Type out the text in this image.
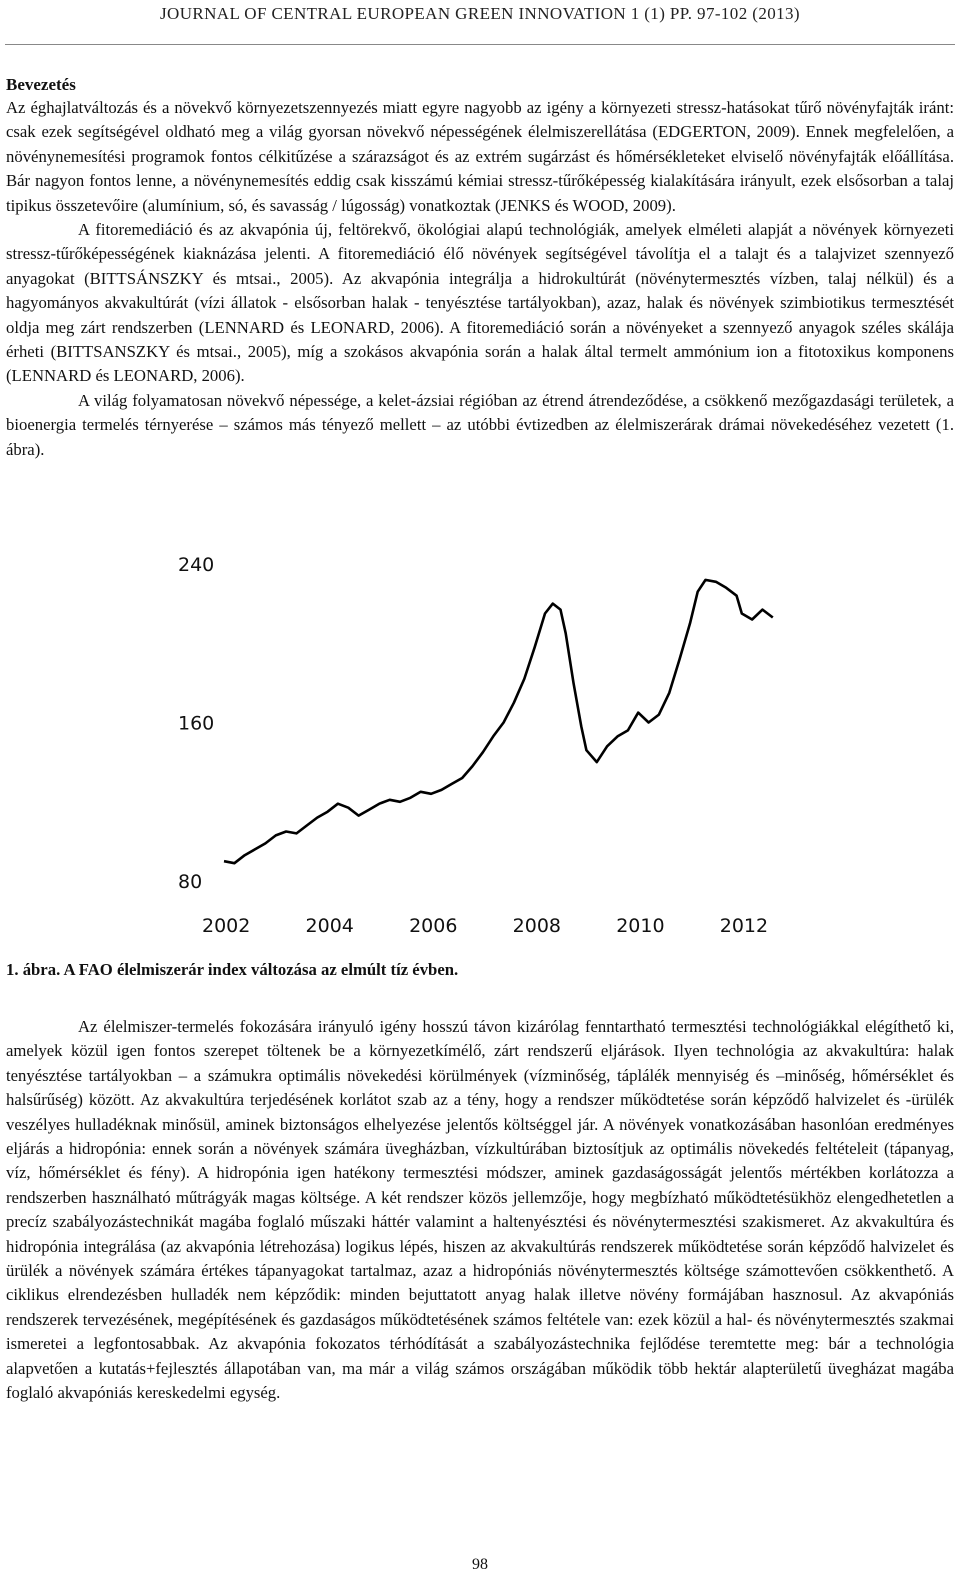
JOURNAL OF CENTRAL EUROPEAN GREEN INNOVATION 1 (1) PP. 97-102 (2013)
Bevezetés

Az éghajlatváltozás és a növekvő környezetszennyezés miatt egyre nagyobb az igény a környezeti stressz-hatásokat tűrő növényfajták iránt: csak ezek segítségével oldható meg a világ gyorsan növekvő népességének élelmiszerellátása (EDGERTON, 2009). Ennek megfelelően, a növénynemesítési programok fontos célkitűzése a szárazságot és az extrém sugárzást és hőmérsékleteket elviselő növényfajták előállítása. Bár nagyon fontos lenne, a növénynemesítés eddig csak kisszámú kémiai stressz-tűrőképesség kialakítására irányult, ezek elsősorban a talaj tipikus összetevőire (alumínium, só, és savasság / lúgosság) vonatkoztak (JENKS és WOOD, 2009).

A fitoremediáció és az akvapónia új, feltörekvő, ökológiai alapú technológiák, amelyek elméleti alapját a növények környezeti stressz-tűrőképességének kiaknázása jelenti. A fitoremediáció élő növények segítségével távolítja el a talajt és a talajvizet szennyező anyagokat (BITTSÁNSZKY és mtsai., 2005). Az akvapónia integrálja a hidrokultúrát (növénytermesztés vízben, talaj nélkül) és a hagyományos akvakultúrát (vízi állatok - elsősorban halak - tenyésztése tartályokban), azaz, halak és növények szimbiotikus termesztését oldja meg zárt rendszerben (LENNARD és LEONARD, 2006). A fitoremediáció során a növényeket a szennyező anyagok széles skálája érheti (BITTSANSZKY és mtsai., 2005), míg a szokásos akvapónia során a halak által termelt ammónium ion a fitotoxikus komponens (LENNARD és LEONARD, 2006).

A világ folyamatosan növekvő népessége, a kelet-ázsiai régióban az étrend átrendeződése, a csökkenő mezőgazdasági területek, a bioenergia termelés térnyerése – számos más tényező mellett – az utóbbi évtizedben az élelmiszerárak drámai növekedéséhez vezetett (1. ábra).

240
160
80
2002	2004	2006	2008	2010	2012
1. ábra. A FAO élelmiszerár index változása az elmúlt tíz évben.

Az élelmiszer-termelés fokozására irányuló igény hosszú távon kizárólag fenntartható termesztési technológiákkal elégíthető ki, amelyek közül igen fontos szerepet töltenek be a környezetkímélő, zárt rendszerű eljárások. Ilyen technológia az akvakultúra: halak tenyésztése tartályokban – a számukra optimális növekedési körülmények (vízminőség, táplálék mennyiség és –minőség, hőmérséklet és halsűrűség) között. Az akvakultúra terjedésének korlátot szab az a tény, hogy a rendszer működtetése során képződő halvizelet és -ürülék veszélyes hulladéknak minősül, aminek biztonságos elhelyezése jelentős költséggel jár. A növények vonatkozásában hasonlóan eredményes eljárás a hidropónia: ennek során a növények számára üvegházban, vízkultúrában biztosítjuk az optimális növekedés feltételeit (tápanyag, víz, hőmérséklet és fény). A hidropónia igen hatékony termesztési módszer, aminek gazdaságosságát jelentős mértékben korlátozza a rendszerben használható műtrágyák magas költsége. A két rendszer közös jellemzője, hogy megbízható működtetésükhöz elengedhetetlen a precíz szabályozástechnikát magába foglaló műszaki háttér valamint a haltenyésztési és növénytermesztési szakismeret. Az akvakultúra és hidropónia integrálása (az akvapónia létrehozása) logikus lépés, hiszen az akvakultúrás rendszerek működtetése során képződő halvizelet és ürülék a növények számára értékes tápanyagokat tartalmaz, azaz a hidropóniás növénytermesztés költsége számottevően csökkenthető. A ciklikus elrendezésben hulladék nem képződik: minden bejuttatott anyag halak illetve növény formájában hasznosul. Az akvapóniás rendszerek tervezésének, megépítésének és gazdaságos működtetésének számos feltétele van: ezek közül a hal- és növénytermesztés szakmai ismeretei a legfontosabbak. Az akvapónia fokozatos térhódítását a szabályozástechnika fejlődése teremtette meg: bár a technológia alapvetően a kutatás+fejlesztés állapotában van, ma már a világ számos országában működik több hektár alapterületű üvegházat magába foglaló akvapóniás kereskedelmi egység.

98
